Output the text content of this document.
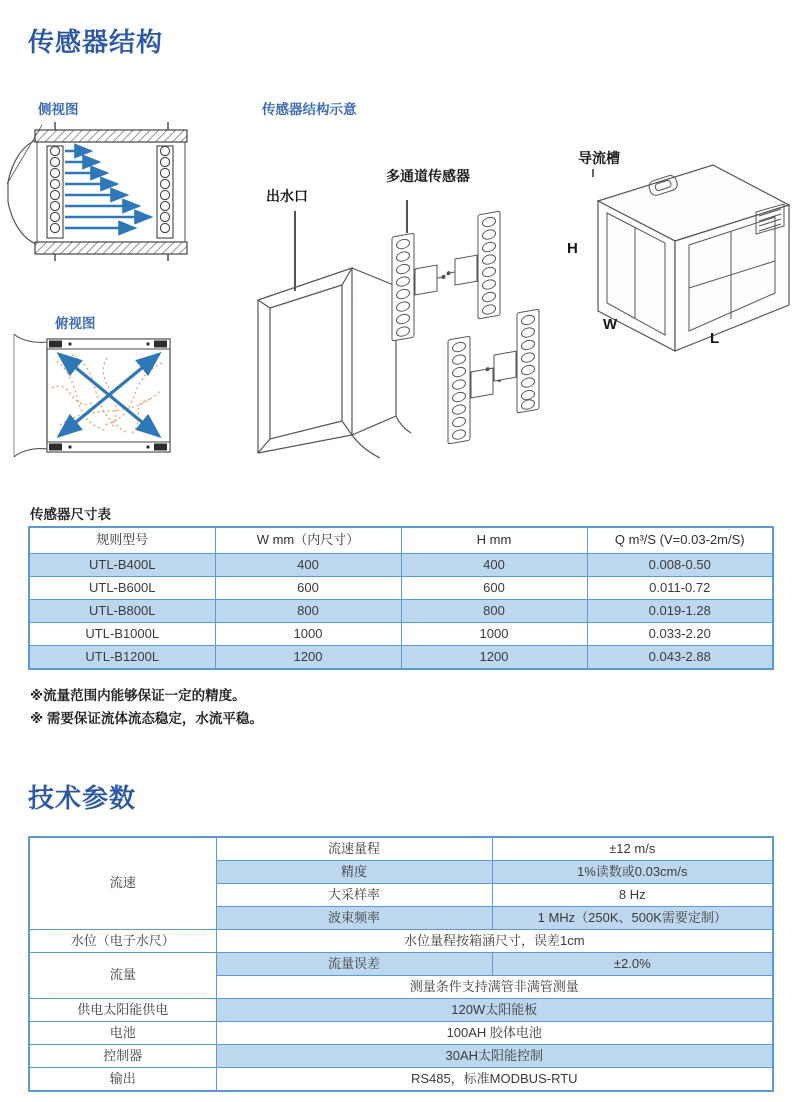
传感器结构
侧视图	传感器结构示意
俯视图
出水口
多通道传感器
导流槽
H
W
L
传感器尺寸表
规则型号	W mm（内尺寸）	H mm	Q m³/S (V=0.03-2m/S)
UTL-B400L	400	400	0.008-0.50
UTL-B600L	600	600	0.011-0.72
UTL-B800L	800	800	0.019-1.28
UTL-B1000L	1000	1000	0.033-2.20
UTL-B1200L	1200	1200	0.043-2.88
※流量范围内能够保证一定的精度。
※ 需要保证流体流态稳定，水流平稳。
技术参数
流速	流速量程	±12 m/s
	精度	1%读数或0.03cm/s
	大采样率	8 Hz
	波束频率	1 MHz（250K、500K需要定制）
水位（电子水尺）	水位量程按箱涵尺寸，误差1cm	
流量	流量误差	±2.0%
	测量条件支持满管非满管测量	
供电太阳能供电	120W太阳能板	
电池	100AH 胶体电池	
控制器	30AH太阳能控制	
输出	RS485，标准MODBUS-RTU	
